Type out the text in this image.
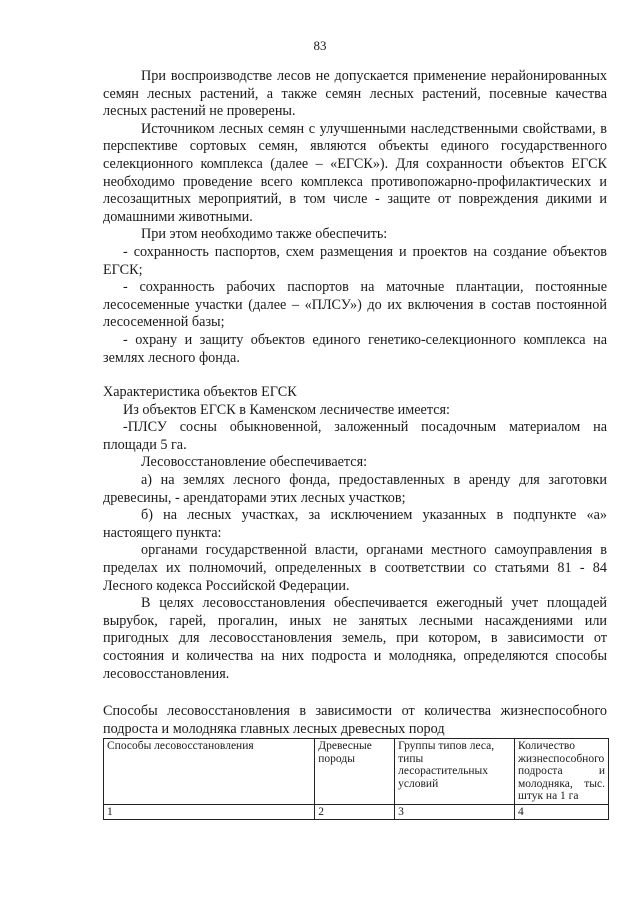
83

При воспроизводстве лесов не допускается применение нерайонированных семян лесных растений, а также семян лесных растений, посевные качества лесных растений не проверены.

Источником лесных семян с улучшенными наследственными свойствами, в перспективе сортовых семян, являются объекты единого государственного селекционного комплекса (далее – «ЕГСК»). Для сохранности объектов ЕГСК необходимо проведение всего комплекса противопожарно-профилактических и лесозащитных мероприятий, в том числе - защите от повреждения дикими и домашними животными.

При этом необходимо также обеспечить:

- сохранность паспортов, схем размещения и проектов на создание объектов ЕГСК;

- сохранность рабочих паспортов на маточные плантации, постоянные лесосеменные участки (далее – «ПЛСУ») до их включения в состав постоянной лесосеменной базы;

- охрану и защиту объектов единого генетико-селекционного комплекса на землях лесного фонда.

Характеристика объектов ЕГСК

Из объектов ЕГСК в Каменском лесничестве имеется:

-ПЛСУ сосны обыкновенной, заложенный посадочным материалом на площади 5 га.

Лесовосстановление обеспечивается:

а) на землях лесного фонда, предоставленных в аренду для заготовки древесины, - арендаторами этих лесных участков;

б) на лесных участках, за исключением указанных в подпункте «а» настоящего пункта:

органами государственной власти, органами местного самоуправления в пределах их полномочий, определенных в соответствии со статьями 81 - 84 Лесного кодекса Российской Федерации.

В целях лесовосстановления обеспечивается ежегодный учет площадей вырубок, гарей, прогалин, иных не занятых лесными насаждениями или пригодных для лесовосстановления земель, при котором, в зависимости от состояния и количества на них подроста и молодняка, определяются способы лесовосстановления.

Способы лесовосстановления в зависимости от количества жизнеспособного подроста и молодняка главных лесных древесных пород

Способы лесовосстановления	Древесные породы	Группы типов леса, типы лесорастительных условий	Количество жизнеспособного подроста и молодняка, тыс. штук на 1 га
1	2	3	4
